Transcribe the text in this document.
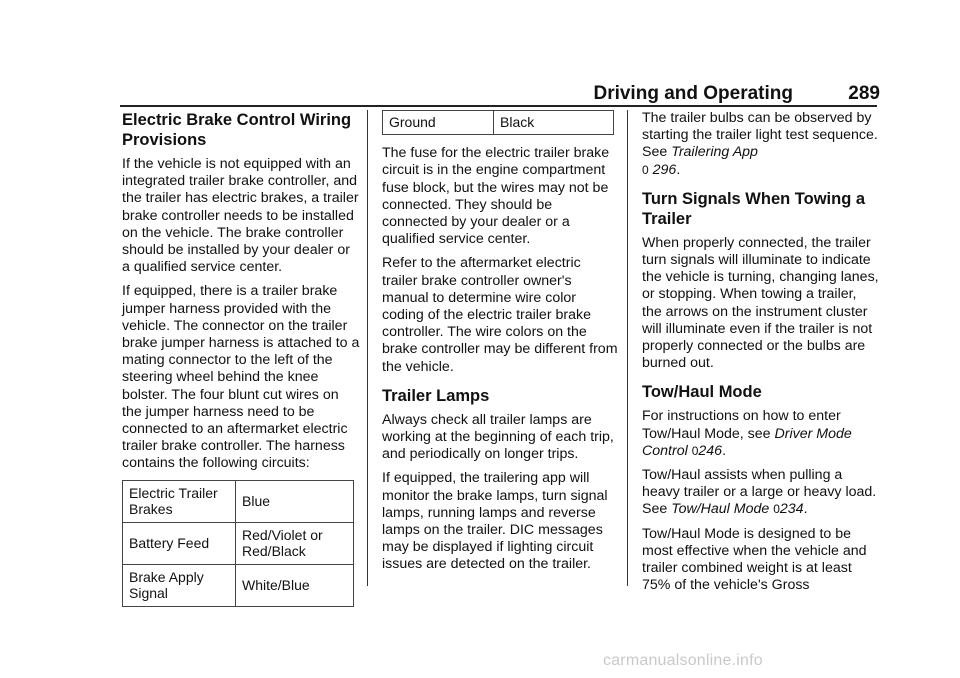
Driving and Operating	289
Electric Brake Control Wiring Provisions

If the vehicle is not equipped with an integrated trailer brake controller, and the trailer has electric brakes, a trailer brake controller needs to be installed on the vehicle. The brake controller should be installed by your dealer or a qualified service center.

If equipped, there is a trailer brake jumper harness provided with the vehicle. The connector on the trailer brake jumper harness is attached to a mating connector to the left of the steering wheel behind the knee bolster. The four blunt cut wires on the jumper harness need to be connected to an aftermarket electric trailer brake controller. The harness contains the following circuits:

Electric Trailer Brakes	Blue
Battery Feed	Red/Violet or Red/Black
Brake Apply Signal	White/Blue
Ground	Black

The fuse for the electric trailer brake circuit is in the engine compartment fuse block, but the wires may not be connected. They should be connected by your dealer or a qualified service center.

Refer to the aftermarket electric trailer brake controller owner's manual to determine wire color coding of the electric trailer brake controller. The wire colors on the brake controller may be different from the vehicle.

Trailer Lamps

Always check all trailer lamps are working at the beginning of each trip, and periodically on longer trips.

If equipped, the trailering app will monitor the brake lamps, turn signal lamps, running lamps and reverse lamps on the trailer. DIC messages may be displayed if lighting circuit issues are detected on the trailer.

The trailer bulbs can be observed by starting the trailer light test sequence. See Trailering App
0 296.

Turn Signals When Towing a Trailer

When properly connected, the trailer turn signals will illuminate to indicate the vehicle is turning, changing lanes, or stopping. When towing a trailer, the arrows on the instrument cluster will illuminate even if the trailer is not properly connected or the bulbs are burned out.

Tow/Haul Mode

For instructions on how to enter Tow/Haul Mode, see Driver Mode Control 0246.

Tow/Haul assists when pulling a heavy trailer or a large or heavy load. See Tow/Haul Mode 0234.

Tow/Haul Mode is designed to be most effective when the vehicle and trailer combined weight is at least 75% of the vehicle's Gross

carmanualsonline.info
